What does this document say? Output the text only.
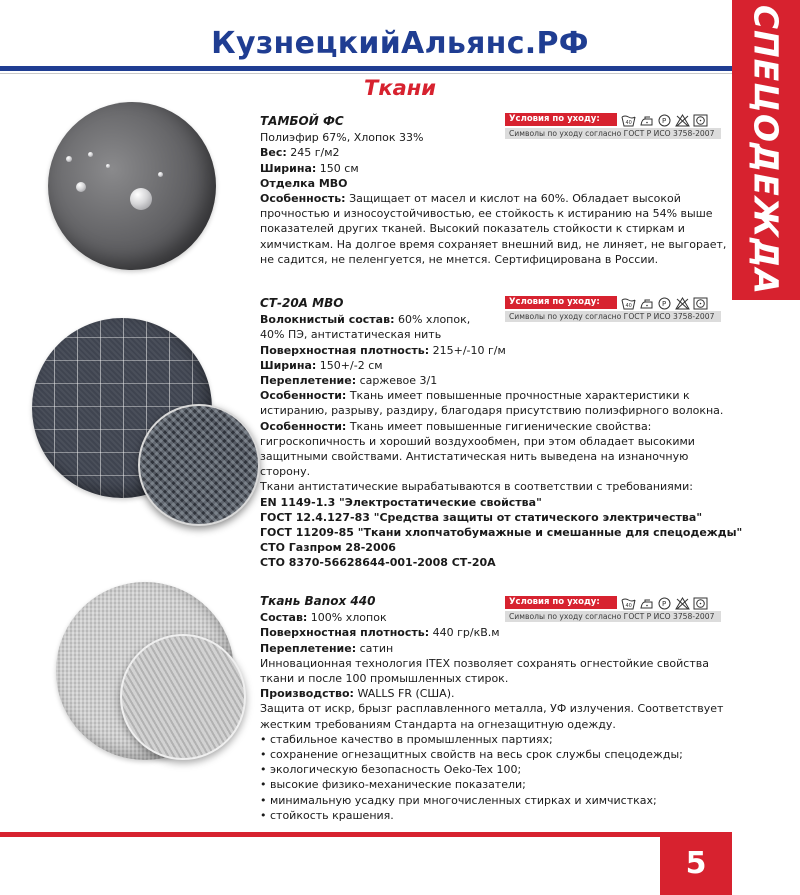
КузнецкийАльянс.РФ	СПЕЦОДЕЖДА
Ткани
Условия по уходу:	40	P
Символы по уходу согласно ГОСТ Р ИСО 3758-2007
Условия по уходу:	40	P
Символы по уходу согласно ГОСТ Р ИСО 3758-2007
Условия по уходу:	40	P
Символы по уходу согласно ГОСТ Р ИСО 3758-2007
ТАМБОЙ ФС
Полиэфир 67%, Хлопок 33%
Вес: 245 г/м2
Ширина: 150 см
Отделка МВО
Особенность: Защищает от масел и кислот на 60%. Обладает высокой прочностью и износоустойчивостью, ее стойкость к истиранию на 54% выше показателей других тканей. Высокий показатель стойкости к стиркам и химчисткам. На долгое время сохраняет внешний вид, не линяет, не выгорает, не садится, не пеленгуется, не мнется. Сертифицирована в России.
СТ-20А МВО
Волокнистый состав: 60% хлопок,
40% ПЭ, антистатическая нить
Поверхностная плотность: 215+/-10 г/м
Ширина: 150+/-2 см
Переплетение: саржевое 3/1
Особенности: Ткань имеет повышенные прочностные характеристики к истиранию, разрыву, раздиру, благодаря присутствию полиэфирного волокна.
Особенности: Ткань имеет повышенные гигиенические свойства: гигроскопичность и хороший воздухообмен, при этом обладает высокими защитными свойствами. Антистатическая нить выведена на изнаночную сторону.
Ткани антистатические вырабатываются в соответствии с требованиями:
EN 1149-1.3 "Электростатические свойства"
ГОСТ 12.4.127-83 "Средства защиты от статического электричества"
ГОСТ 11209-85 "Ткани хлопчатобумажные и смешанные для спецодежды"
СТО Газпром 28-2006
СТО 8370-56628644-001-2008 СТ-20А
Ткань Banox 440
Состав: 100% хлопок
Поверхностная плотность: 440 гр/кВ.м
Переплетение: сатин
Инновационная технология ITEX позволяет сохранять огнестойкие свойства ткани и после 100 промышленных стирок.
Производство: WALLS FR (США).
Защита от искр, брызг расплавленного металла, УФ излучения. Соответствует жестким требованиям Стандарта на огнезащитную одежду.
• стабильное качество в промышленных партиях;
• сохранение огнезащитных свойств на весь срок службы спецодежды;
• экологическую безопасность Oeko-Tex 100;
• высокие физико-механические показатели;
• минимальную усадку при многочисленных стирках и химчистках;
• стойкость крашения.
5
